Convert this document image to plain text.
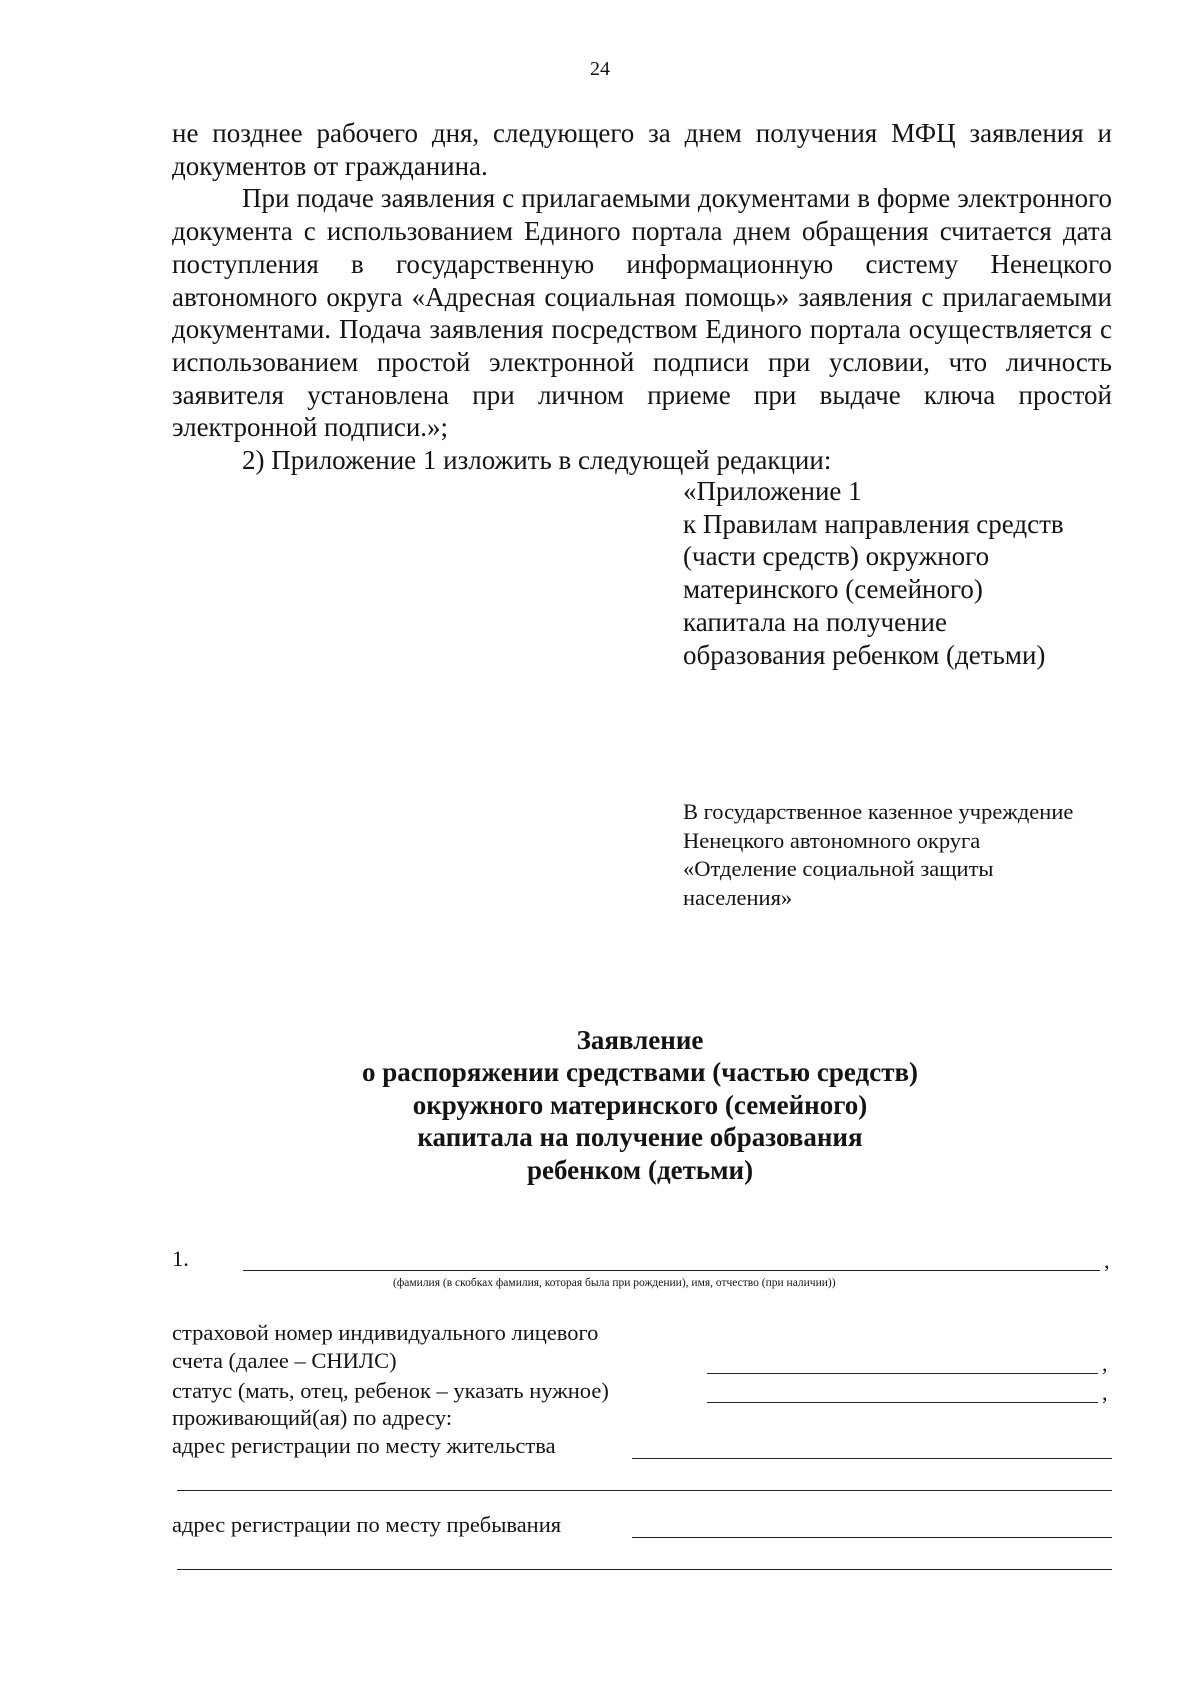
24

не позднее рабочего дня, следующего за днем получения МФЦ заявления и документов от гражданина.

При подаче заявления с прилагаемыми документами в форме электронного документа с использованием Единого портала днем обращения считается дата поступления в государственную информационную систему Ненецкого автономного округа «Адресная социальная помощь» заявления с прилагаемыми документами. Подача заявления посредством Единого портала осуществляется с использованием простой электронной подписи при условии, что личность заявителя установлена при личном приеме при выдаче ключа простой электронной подписи.»;

2) Приложение 1 изложить в следующей редакции:

«Приложение 1
к Правилам направления средств
(части средств) окружного
материнского (семейного)
капитала на получение
образования ребенком (детьми)
В государственное казенное учреждение
Ненецкого автономного округа
«Отделение социальной защиты
населения»
Заявление
о распоряжении средствами (частью средств)
окружного материнского (семейного)
капитала на получение образования
ребенком (детьми)
1.	,
(фамилия (в скобках фамилия, которая была при рождении), имя, отчество (при наличии))
страховой номер индивидуального лицевого
счета (далее – СНИЛС)	,
статус (мать, отец, ребенок – указать нужное)	,
проживающий(ая) по адресу:
адрес регистрации по месту жительства
адрес регистрации по месту пребывания
